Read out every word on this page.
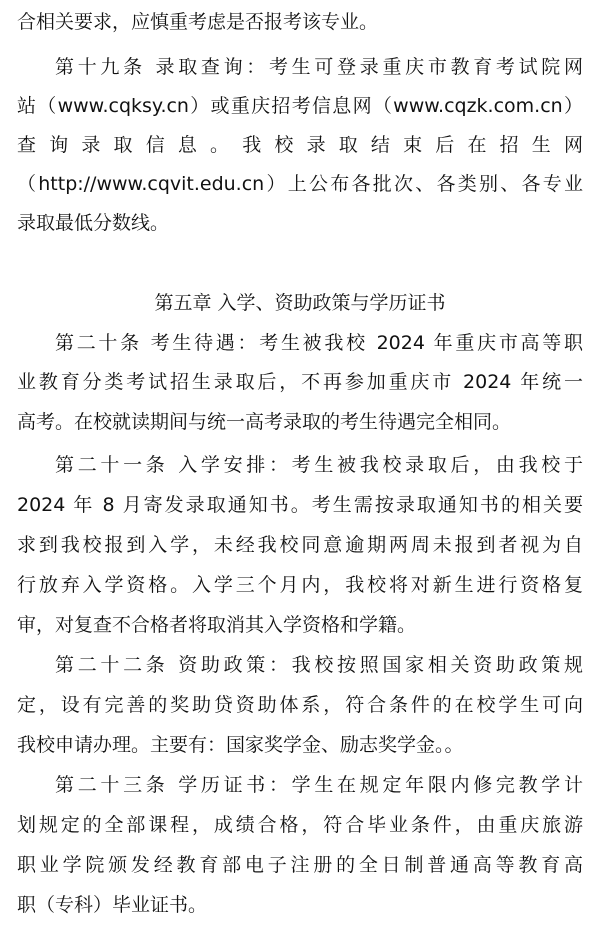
合相关要求，应慎重考虑是否报考该专业。
第十九条 录取查询：考生可登录重庆市教育考试院网
站（www.cqksy.cn）或重庆招考信息网（www.cqzk.com.cn）
查询录取信息。我校录取结束后在招生网
（http://www.cqvit.edu.cn）上公布各批次、各类别、各专业
录取最低分数线。
第五章 入学、资助政策与学历证书
第二十条 考生待遇：考生被我校 2024 年重庆市高等职
业教育分类考试招生录取后，不再参加重庆市 2024 年统一
高考。在校就读期间与统一高考录取的考生待遇完全相同。
第二十一条 入学安排：考生被我校录取后，由我校于
2024 年 8 月寄发录取通知书。考生需按录取通知书的相关要
求到我校报到入学，未经我校同意逾期两周未报到者视为自
行放弃入学资格。入学三个月内，我校将对新生进行资格复
审，对复查不合格者将取消其入学资格和学籍。
第二十二条 资助政策：我校按照国家相关资助政策规
定，设有完善的奖助贷资助体系，符合条件的在校学生可向
我校申请办理。主要有：国家奖学金、励志奖学金。。
第二十三条 学历证书：学生在规定年限内修完教学计
划规定的全部课程，成绩合格，符合毕业条件，由重庆旅游
职业学院颁发经教育部电子注册的全日制普通高等教育高
职（专科）毕业证书。
